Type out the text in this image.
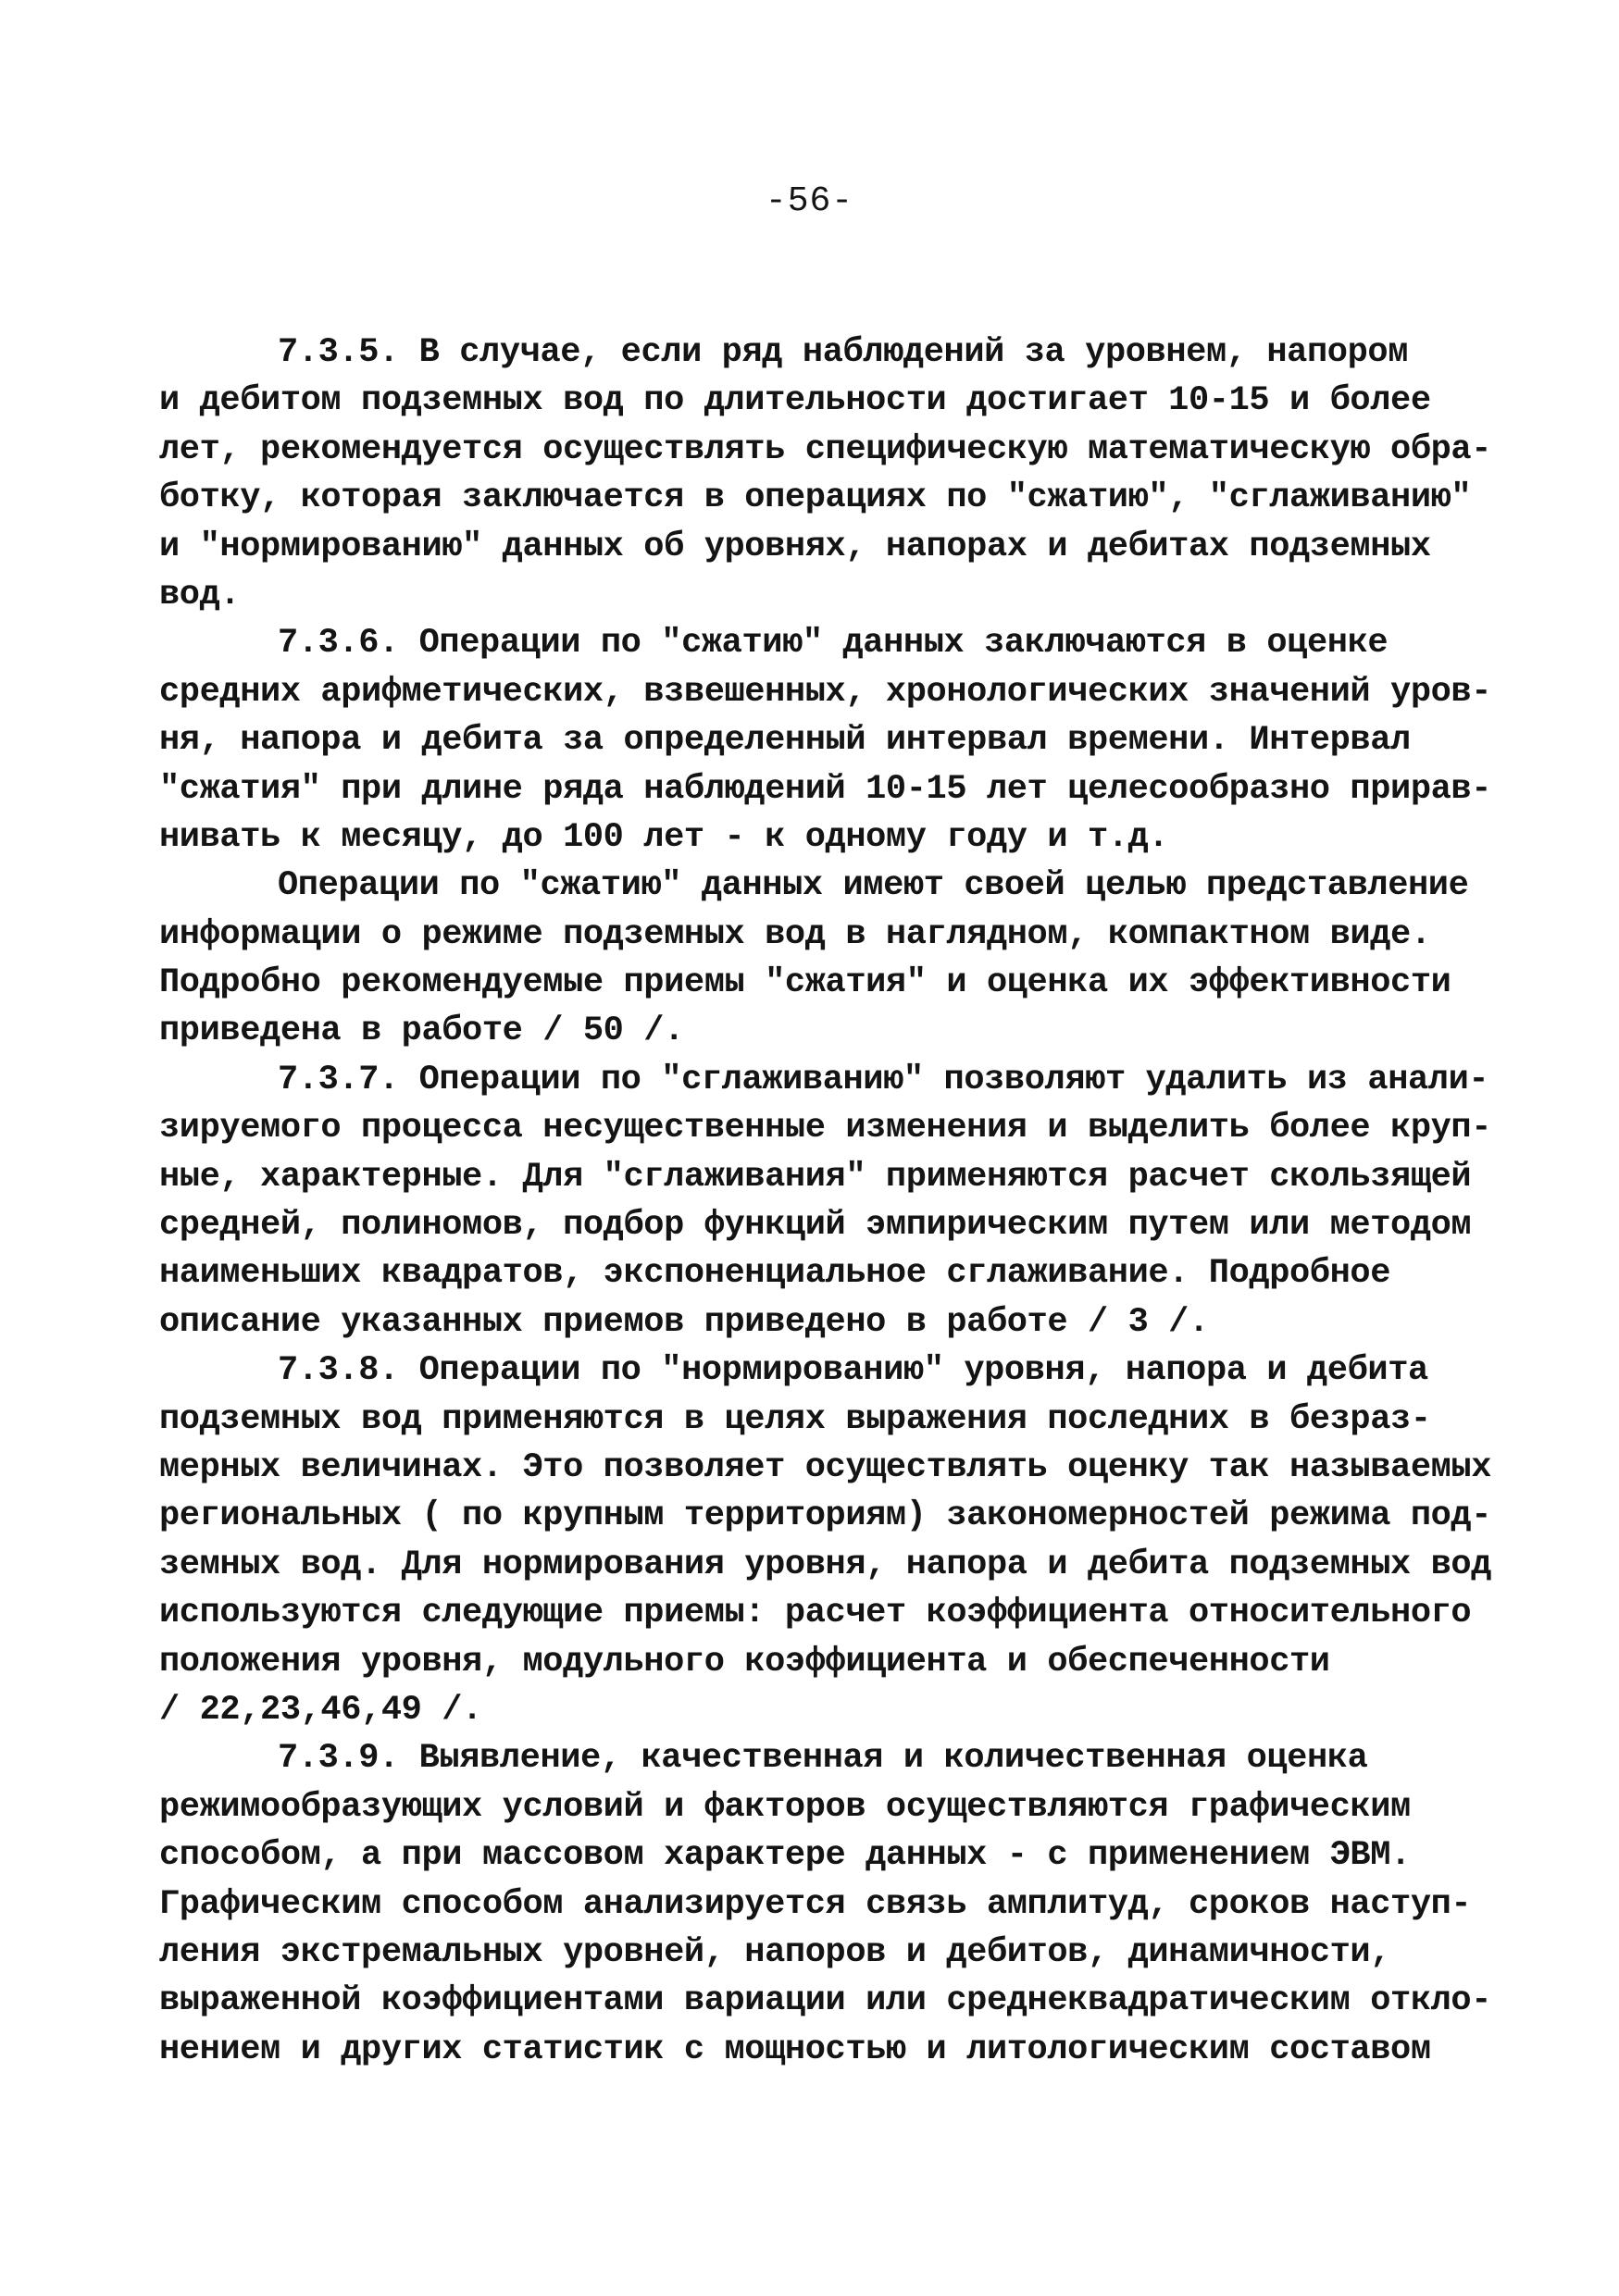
-56-
7.3.5. В случае, если ряд наблюдений за уровнем, напором
и дебитом подземных вод по длительности достигает 10-15 и более
лет, рекомендуется осуществлять специфическую математическую обра-
ботку, которая заключается в операциях по "сжатию", "сглаживанию"
и "нормированию" данных об уровнях, напорах и дебитах подземных
вод.
7.3.6. Операции по "сжатию" данных заключаются в оценке
средних арифметических, взвешенных, хронологических значений уров-
ня, напора и дебита за определенный интервал времени. Интервал
"сжатия" при длине ряда наблюдений 10-15 лет целесообразно прирав-
нивать к месяцу, до 100 лет - к одному году и т.д.
Операции по "сжатию" данных имеют своей целью представление
информации о режиме подземных вод в наглядном, компактном виде.
Подробно рекомендуемые приемы "сжатия" и оценка их эффективности
приведена в работе / 50 /.
7.3.7. Операции по "сглаживанию" позволяют удалить из анали-
зируемого процесса несущественные изменения и выделить более круп-
ные, характерные. Для "сглаживания" применяются расчет скользящей
средней, полиномов, подбор функций эмпирическим путем или методом
наименьших квадратов, экспоненциальное сглаживание. Подробное
описание указанных приемов приведено в работе / 3 /.
7.3.8. Операции по "нормированию" уровня, напора и дебита
подземных вод применяются в целях выражения последних в безраз-
мерных величинах. Это позволяет осуществлять оценку так называемых
региональных ( по крупным территориям) закономерностей режима под-
земных вод. Для нормирования уровня, напора и дебита подземных вод
используются следующие приемы: расчет коэффициента относительного
положения уровня, модульного коэффициента и обеспеченности
/ 22,23,46,49 /.
7.3.9. Выявление, качественная и количественная оценка
режимообразующих условий и факторов осуществляются графическим
способом, а при массовом характере данных - с применением ЭВМ.
Графическим способом анализируется связь амплитуд, сроков наступ-
ления экстремальных уровней, напоров и дебитов, динамичности,
выраженной коэффициентами вариации или среднеквадратическим откло-
нением и других статистик с мощностью и литологическим составом
